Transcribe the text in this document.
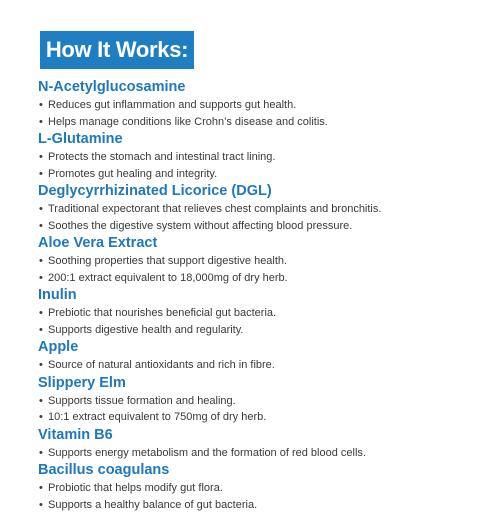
How It Works:
N-Acetylglucosamine
• Reduces gut inflammation and supports gut health.
• Helps manage conditions like Crohn’s disease and colitis.
L-Glutamine
• Protects the stomach and intestinal tract lining.
• Promotes gut healing and integrity.
Deglycyrrhizinated Licorice (DGL)
• Traditional expectorant that relieves chest complaints and bronchitis.
• Soothes the digestive system without affecting blood pressure.
Aloe Vera Extract
• Soothing properties that support digestive health.
• 200:1 extract equivalent to 18,000mg of dry herb.
Inulin
• Prebiotic that nourishes beneficial gut bacteria.
• Supports digestive health and regularity.
Apple
• Source of natural antioxidants and rich in fibre.
Slippery Elm
• Supports tissue formation and healing.
• 10:1 extract equivalent to 750mg of dry herb.
Vitamin B6
• Supports energy metabolism and the formation of red blood cells.
Bacillus coagulans
• Probiotic that helps modify gut flora.
• Supports a healthy balance of gut bacteria.
